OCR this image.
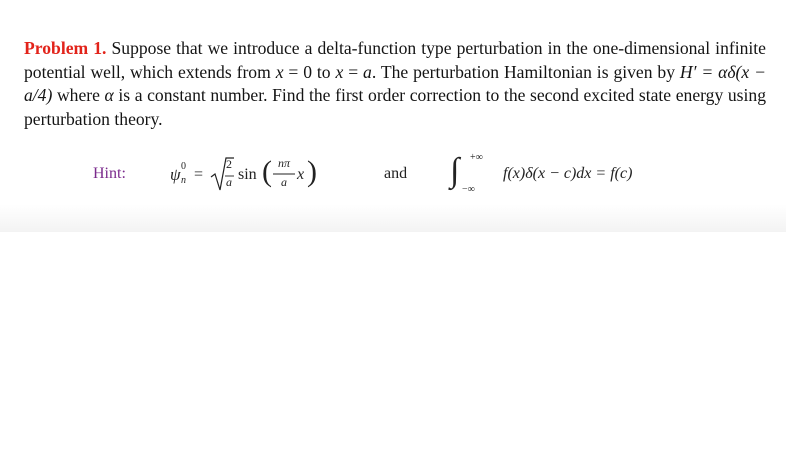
Problem 1. Suppose that we introduce a delta-function type perturbation in the one-dimensional infinite potential well, which extends from x = 0 to x = a. The perturbation Hamiltonian is given by H′ = αδ(x − a/4) where α is a constant number. Find the first order correction to the second excited state energy using perturbation theory.
Hint:	ψ 0
n =
2
a sin ( nπ
a x )	and ∫ +∞
−∞
f(x)δ(x − c)dx = f(c)
